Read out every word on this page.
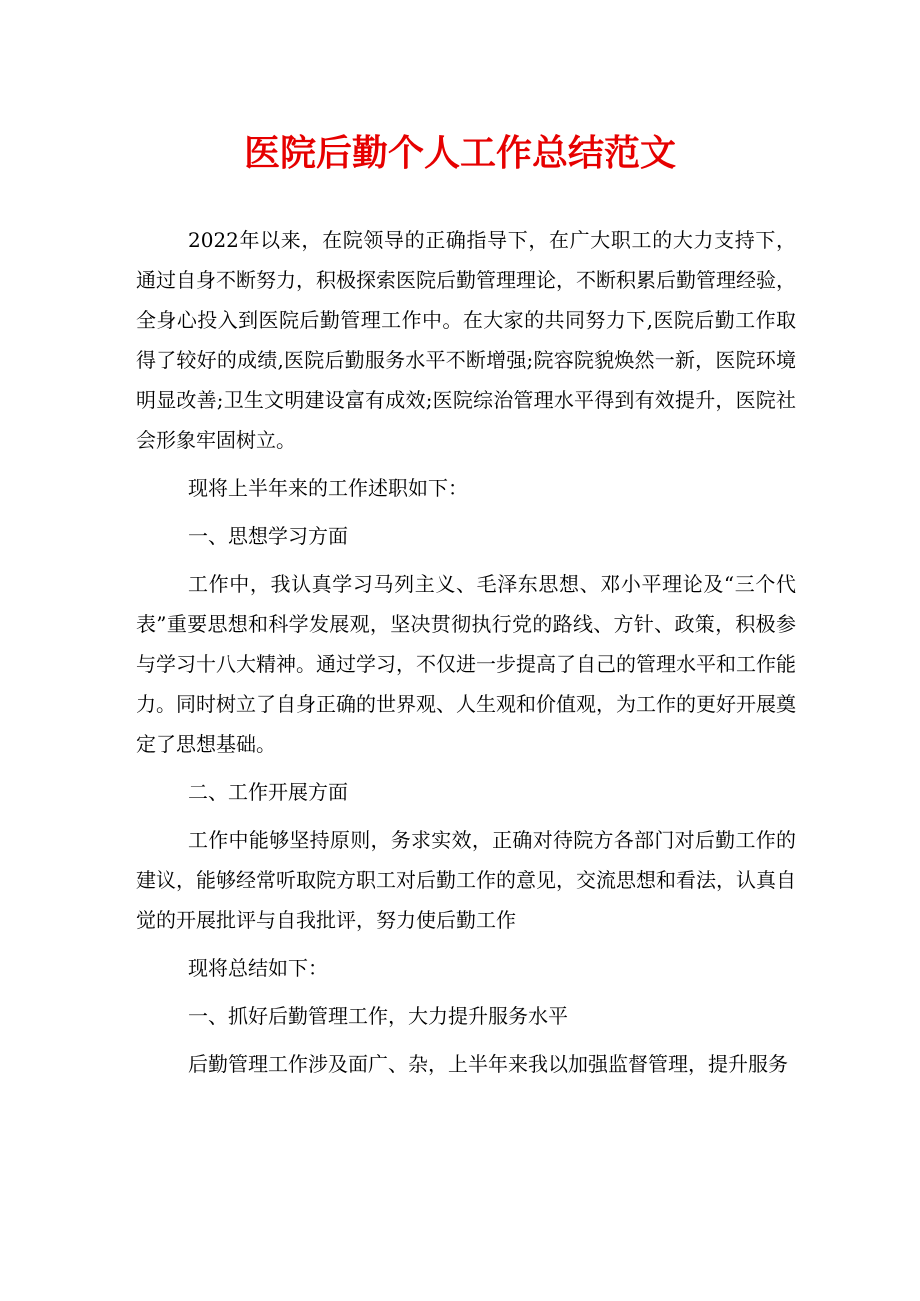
医院后勤个人工作总结范文

2022年以来，在院领导的正确指导下，在广大职工的大力支持下，通过自身不断努力，积极探索医院后勤管理理论，不断积累后勤管理经验，全身心投入到医院后勤管理工作中。在大家的共同努力下,医院后勤工作取得了较好的成绩,医院后勤服务水平不断增强;院容院貌焕然一新，医院环境明显改善;卫生文明建设富有成效;医院综治管理水平得到有效提升，医院社会形象牢固树立。

现将上半年来的工作述职如下：

一、思想学习方面

工作中，我认真学习马列主义、毛泽东思想、邓小平理论及“三个代表”重要思想和科学发展观，坚决贯彻执行党的路线、方针、政策，积极参与学习十八大精神。通过学习，不仅进一步提高了自己的管理水平和工作能力。同时树立了自身正确的世界观、人生观和价值观，为工作的更好开展奠定了思想基础。

二、工作开展方面

工作中能够坚持原则，务求实效，正确对待院方各部门对后勤工作的建议，能够经常听取院方职工对后勤工作的意见，交流思想和看法，认真自觉的开展批评与自我批评，努力使后勤工作

现将总结如下：

一、抓好后勤管理工作，大力提升服务水平

后勤管理工作涉及面广、杂，上半年来我以加强监督管理，提升服务
